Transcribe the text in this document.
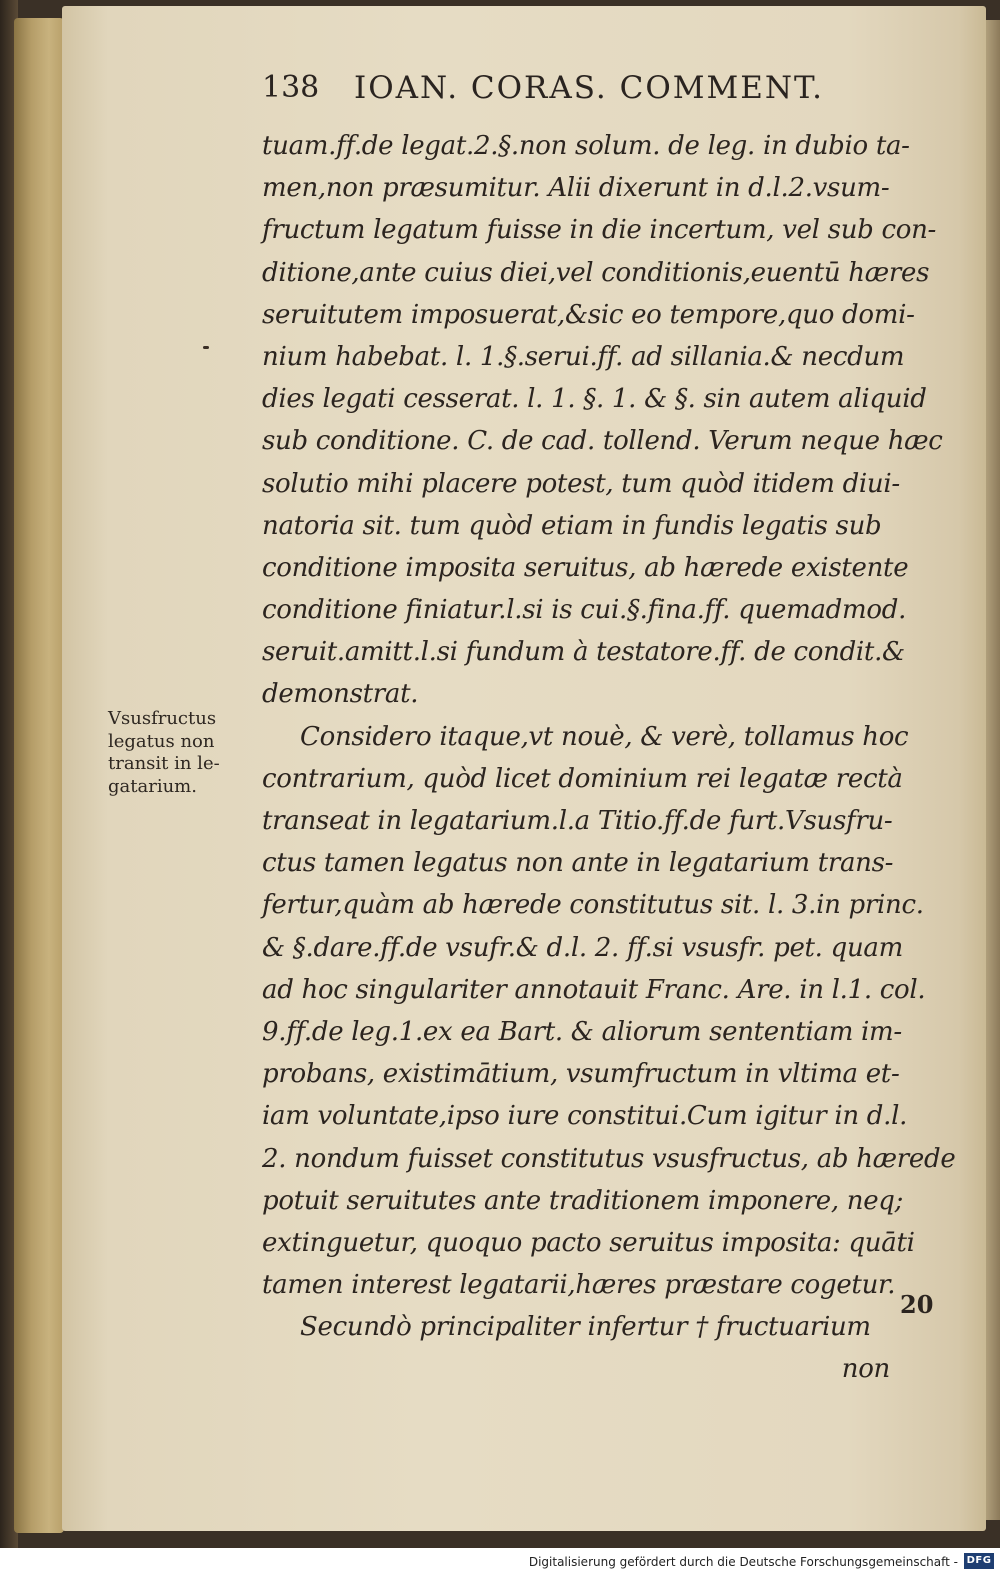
138 IOAN. CORAS. COMMENT.
tuam.ff.de legat.2.§.non solum. de leg. in dubio ta-
men,non præsumitur. Alii dixerunt in d.l.2.vsum-
fructum legatum fuisse in die incertum, vel sub con-
ditione,ante cuius diei,vel conditionis,euentū hæres
seruitutem imposuerat,&sic eo tempore,quo domi-
nium habebat. l. 1.§.serui.ff. ad sillania.& necdum
dies legati cesserat. l. 1. §. 1. & §. sin autem aliquid
sub conditione. C. de cad. tollend. Verum neque hæc
solutio mihi placere potest, tum quòd itidem diui-
natoria sit. tum quòd etiam in fundis legatis sub
conditione imposita seruitus, ab hærede existente
conditione finiatur.l.si is cui.§.fina.ff. quemadmod.
seruit.amitt.l.si fundum à testatore.ff. de condit.&
demonstrat.
Considero itaque,vt nouè, & verè, tollamus hoc
contrarium, quòd licet dominium rei legatæ rectà
transeat in legatarium.l.a Titio.ff.de furt.Vsusfru-
ctus tamen legatus non ante in legatarium trans-
fertur,quàm ab hærede constitutus sit. l. 3.in princ.
& §.dare.ff.de vsufr.& d.l. 2. ff.si vsusfr. pet. quam
ad hoc singulariter annotauit Franc. Are. in l.1. col.
9.ff.de leg.1.ex ea Bart. & aliorum sententiam im-
probans, existimātium, vsumfructum in vltima et-
iam voluntate,ipso iure constitui.Cum igitur in d.l.
2. nondum fuisset constitutus vsusfructus, ab hærede
potuit seruitutes ante traditionem imponere, neq;
extinguetur, quoquo pacto seruitus imposita: quāti
tamen interest legatarii,hæres præstare cogetur.
Secundò principaliter infertur † fructuarium
non
Vsusfructus
legatus non
transit in le-
gatarium.
20
Digitalisierung gefördert durch die Deutsche Forschungsgemeinschaft - DFG
